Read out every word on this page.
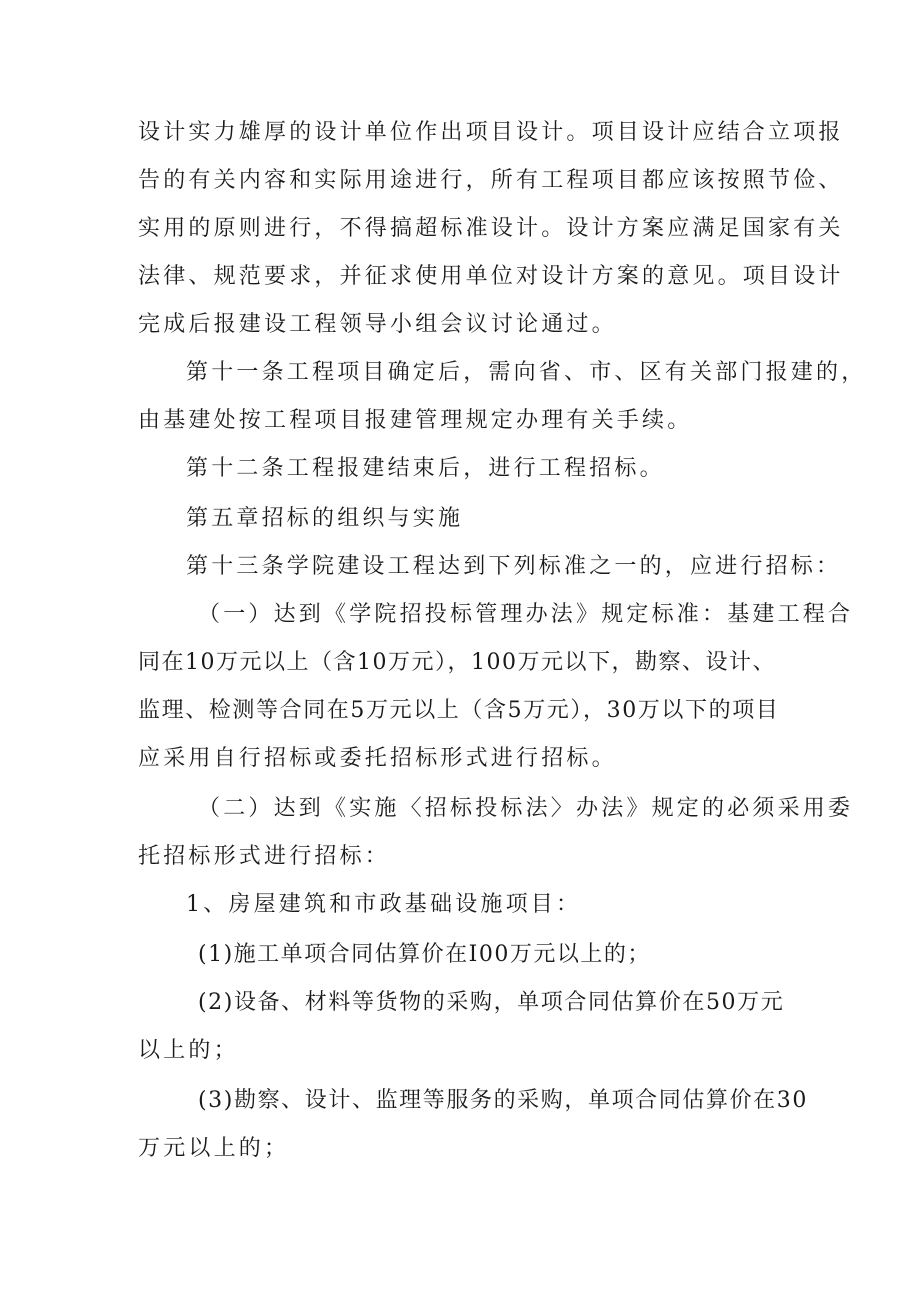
设计实力雄厚的设计单位作出项目设计。项目设计应结合立项报
告的有关内容和实际用途进行，所有工程项目都应该按照节俭、
实用的原则进行，不得搞超标准设计。设计方案应满足国家有关
法律、规范要求，并征求使用单位对设计方案的意见。项目设计
完成后报建设工程领导小组会议讨论通过。
第十一条工程项目确定后，需向省、市、区有关部门报建的，
由基建处按工程项目报建管理规定办理有关手续。
第十二条工程报建结束后，进行工程招标。
第五章招标的组织与实施
第十三条学院建设工程达到下列标准之一的，应进行招标：
（一）达到《学院招投标管理办法》规定标准：基建工程合
同在10万元以上（含10万元），100万元以下，勘察、设计、
监理、检测等合同在5万元以上（含5万元），30万以下的项目
应采用自行招标或委托招标形式进行招标。
（二）达到《实施〈招标投标法〉办法》规定的必须采用委
托招标形式进行招标：
1、房屋建筑和市政基础设施项目：
(1)施工单项合同估算价在I00万元以上的；
(2)设备、材料等货物的采购，单项合同估算价在50万元
以上的；
(3)勘察、设计、监理等服务的采购，单项合同估算价在30
万元以上的；
